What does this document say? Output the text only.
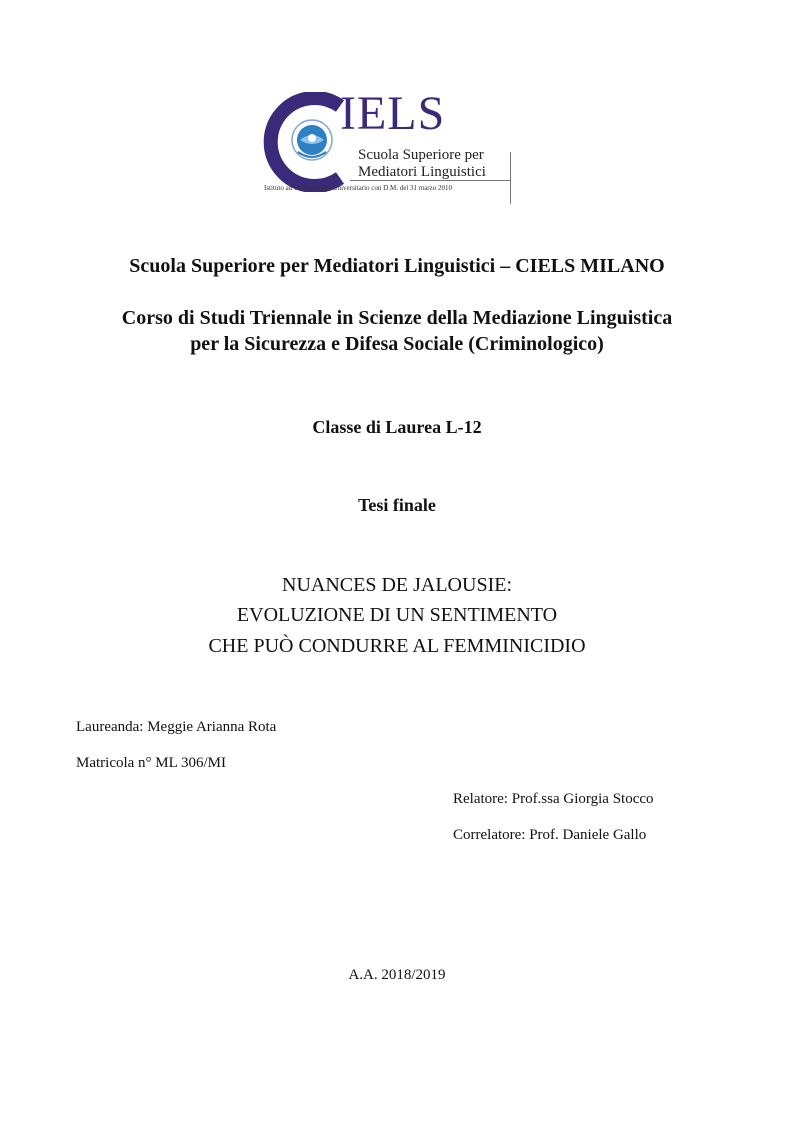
IELS
Scuola Superiore per
Mediatori Linguistici
Istituto ad Ordinamento Universitario con D.M. del 31 marzo 2010
Scuola Superiore per Mediatori Linguistici – CIELS MILANO
Corso di Studi Triennale in Scienze della Mediazione Linguistica
per la Sicurezza e Difesa Sociale (Criminologico)
Classe di Laurea L-12
Tesi finale
NUANCES DE JALOUSIE:
EVOLUZIONE DI UN SENTIMENTO
CHE PUÒ CONDURRE AL FEMMINICIDIO
Laureanda: Meggie Arianna Rota
Matricola n° ML 306/MI
Relatore: Prof.ssa Giorgia Stocco
Correlatore: Prof. Daniele Gallo
A.A. 2018/2019
